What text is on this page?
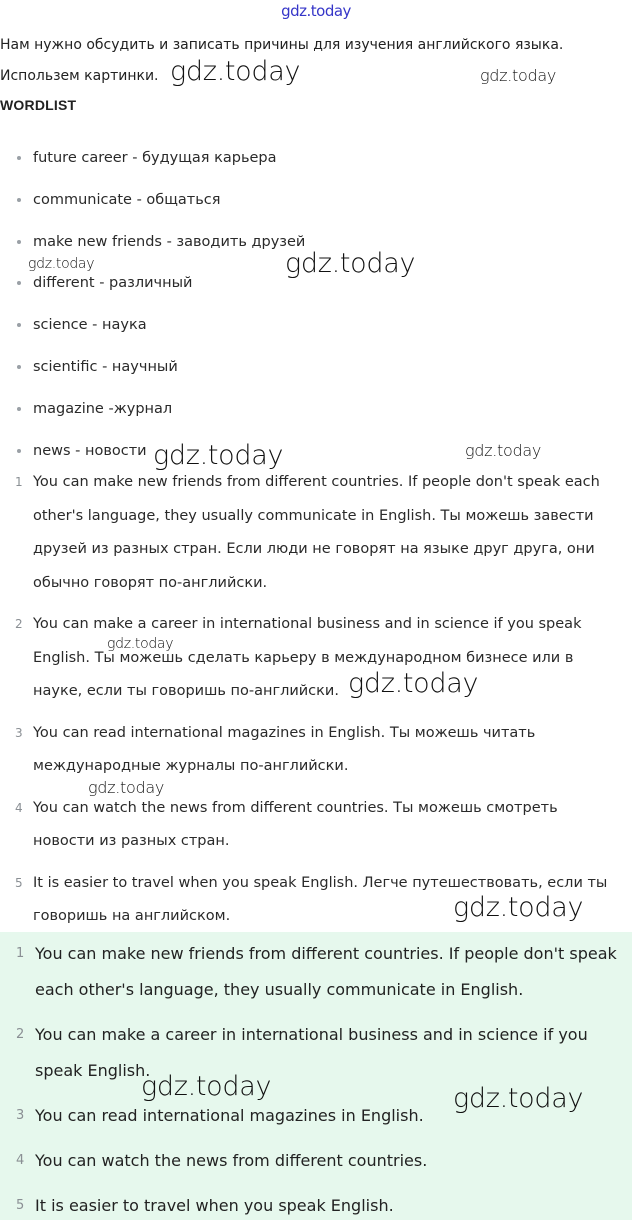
gdz.today
Нам нужно обсудить и записать причины для изучения английского языка. Использем картинки.
WORDLIST
future career - будущая карьера
communicate - общаться
make new friends - заводить друзей
different - различный
science - наука
scientific - научный
magazine -журнал
news - новости
1 You can make new friends from different countries. If people don't speak each other's language, they usually communicate in English. Ты можешь завести друзей из разных стран. Если люди не говорят на языке друг друга, они обычно говорят по-английски.
2 You can make a career in international business and in science if you speak English. Ты можешь сделать карьеру в международном бизнесе или в науке, если ты говоришь по-английски.
3 You can read international magazines in English. Ты можешь читать международные журналы по-английски.
4 You can watch the news from different countries. Ты можешь смотреть новости из разных стран.
5 It is easier to travel when you speak English. Легче путешествовать, если ты говоришь на английском.
1 You can make new friends from different countries. If people don't speak each other's language, they usually communicate in English.
2 You can make a career in international business and in science if you speak English.
3 You can read international magazines in English.
4 You can watch the news from different countries.
5 It is easier to travel when you speak English.
gdz.today	gdz.today
gdz.today	gdz.today
gdz.today	gdz.today
gdz.today
gdz.today
gdz.today
gdz.today
gdz.today	gdz.today
